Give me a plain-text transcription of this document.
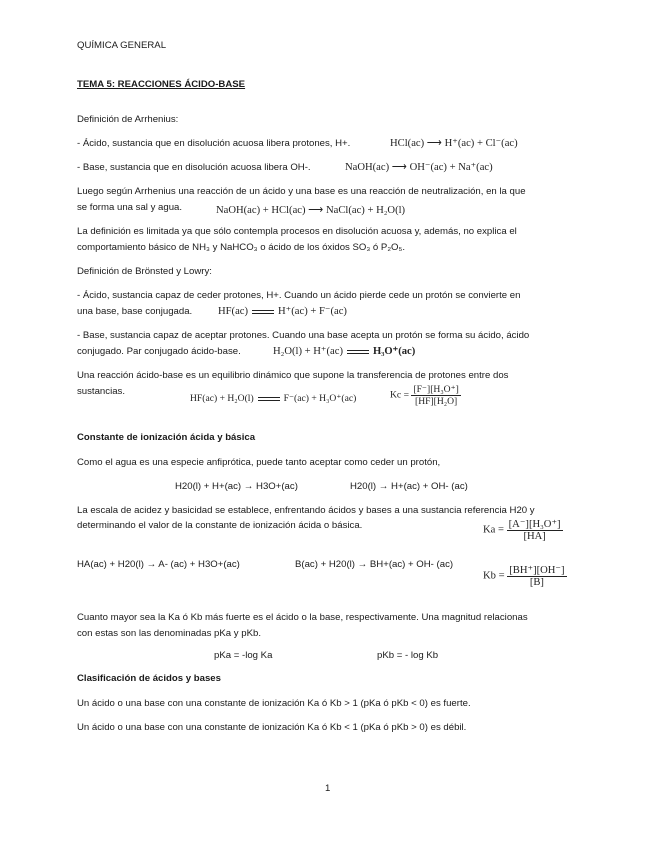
QUÍMICA GENERAL
TEMA 5: REACCIONES ÁCIDO-BASE
Definición de Arrhenius:
- Ácido, sustancia que en disolución acuosa libera protones, H+.	HCl(ac) ⟶ H⁺(ac) + Cl⁻(ac)
- Base, sustancia que en disolución acuosa libera OH-.	NaOH(ac) ⟶ OH⁻(ac) + Na⁺(ac)
Luego según Arrhenius una reacción de un ácido y una base es una reacción de neutralización, en la que
se forma una sal y agua.	NaOH(ac) + HCl(ac) ⟶ NaCl(ac) + H₂O(l)
La definición es limitada ya que sólo contempla procesos en disolución acuosa y, además, no explica el
comportamiento básico de NH₃ y NaHCO₃ o ácido de los óxidos SO₃ ó P₂O₅.
Definición de Brönsted y Lowry:
- Ácido, sustancia capaz de ceder protones, H+. Cuando un ácido pierde cede un protón se convierte en
una base, base conjugada. HF(ac)	H⁺(ac) + F⁻(ac)
- Base, sustancia capaz de aceptar protones. Cuando una base acepta un protón se forma su ácido, ácido
conjugado. Par conjugado ácido-base.	H₂O(l) + H⁺(ac)	H₃O⁺(ac)
Una reacción ácido-base es un equilibrio dinámico que supone la transferencia de protones entre dos
sustancias.
HF(ac) + H₂O(l)	F⁻(ac) + H₃O⁺(ac)	$Kc = \frac{\text{[F⁻][H₃O⁺]}}{\text{[HF][H₂O]}}$
Constante de ionización ácida y básica
Como el agua es una especie anfiprótica, puede tanto aceptar como ceder un protón,
H20(l) + H+(ac) → H3O+(ac)	H20(l) → H+(ac) + OH- (ac)
La escala de acidez y basicidad se establece, enfrentando ácidos y bases a una sustancia referencia H20 y
determinando el valor de la constante de ionización ácida o básica.	$Ka = \frac{\text{[A⁻][H₃O⁺]}}{[HA]}$
HA(ac) + H20(l) → A- (ac) + H3O+(ac)	B(ac) + H20(l) → BH+(ac) + OH- (ac)
$Kb = \frac{[BH^+][OH^-]}{[B]}$
Cuanto mayor sea la Ka ó Kb más fuerte es el ácido o la base, respectivamente. Una magnitud relacionas
con estas son las denominadas pKa y pKb.
pKa = -log Ka	pKb = - log Kb
Clasificación de ácidos y bases
Un ácido o una base con una constante de ionización Ka ó Kb > 1 (pKa ó pKb < 0) es fuerte.
Un ácido o una base con una constante de ionización Ka ó Kb < 1 (pKa ó pKb > 0) es débil.
1
